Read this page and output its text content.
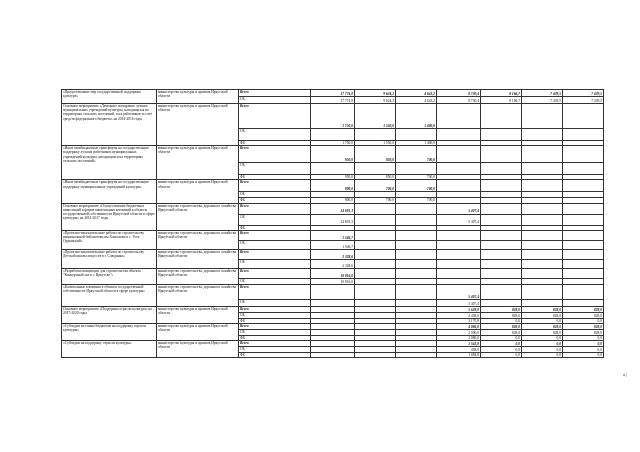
«Предоставление мер государственной поддержки культуре»	министерство культуры и архивов Иркутской области	Всего	17 774,8	9 624,3	4 643,2	8 730,4	8 166,7	7 439,5	7 439,5
		ОБ	17 774,8	9 624,3	4 643,2	8 730,4	8 166,7	7 439,5	7 439,5
Основное мероприятие «Денежное поощрение лучших муниципальных учреждений культуры, находящихся на территориях сельских поселений, и их работников за счет средств федерального бюджета» на 2014-2016 годы	министерство культуры и архивов Иркутской области	Всего	1 750,0	1 550,0	1 400,0				
		ОБ							
		ФБ	1 750,0	1 550,0	1 400,0				
«Иные межбюджетные трансферты на государственную поддержку лучших работников муниципальных учреждений культуры, находящихся на территориях сельских поселений»	министерство культуры и архивов Иркутской области	Всего	950,0	850,0	700,0				
		ОБ							
		ФБ	950,0	850,0	700,0				
«Иные межбюджетные трансферты на государственную поддержку муниципальных учреждений культуры»	министерство культуры и архивов Иркутской области	Всего	800,0	700,0	700,0				
		ОБ							
		ФБ	800,0	700,0	700,0				
Основное мероприятие «Осуществление бюджетных инвестиций в форме капитальных вложений в объекты государственной собственности Иркутской области в сфере культуры» на 2014-2017 годы	министерство строительства, дорожного хозяйства Иркутской области	Всего	14 691,3			5 407,4			
		ОБ	14 691,3			5 407,4			
		ФБ							
«Проектно-изыскательские работы по строительству национальной библиотеки им.Хангалова в с. Усть-Ордынский»	министерство строительства, дорожного хозяйства Иркутской области	Всего	1 546,7						
		ОБ	1 546,7						
«Проектно-изыскательские работы по строительству Детской школы искусств в г. Слюдянка»	министерство строительства, дорожного хозяйства Иркутской области	Всего	2 328,6						
		ОБ	2 328,6						
«Разработка концепции для строительства объекта "Концертный зал в г. Иркутске"»	министерство строительства, дорожного хозяйства Иркутской области	Всего	10 816,0						
		ОБ	10 816,0						
«Капитальные вложения в объекты государственной собственности Иркутской области в сфере культуры»	министерство строительства, дорожного хозяйства Иркутской области	Всего				5 407,4			
		ОБ				5 407,4			
Основное мероприятие «Поддержка отрасли культура» на 2017-2020 годы	министерство культуры и архивов Иркутской области	Всего				5 628,8	828,0	828,0	828,0
		ОБ				2 458,0	828,0	828,0	828,0
		ФБ				3 170,8	0,0	0,0	0,0
«Субсидии местным бюджетам на поддержку отрасли культуры»	министерство культуры и архивов Иркутской области	Всего				4 086,0	828,0	828,0	828,0
		ОБ				2 000,0	828,0	828,0	828,0
		ФБ				2 086,0	0,0	0,0	0,0
«Субсидии на поддержку отрасли культуры»	министерство культуры и архивов Иркутской области	Всего				1 542,8	0,0	0,0	0,0
		ОБ				458,0	0,0	0,0	0,0
		ФБ				1 084,8	0,0	0,0	0,0
»;
